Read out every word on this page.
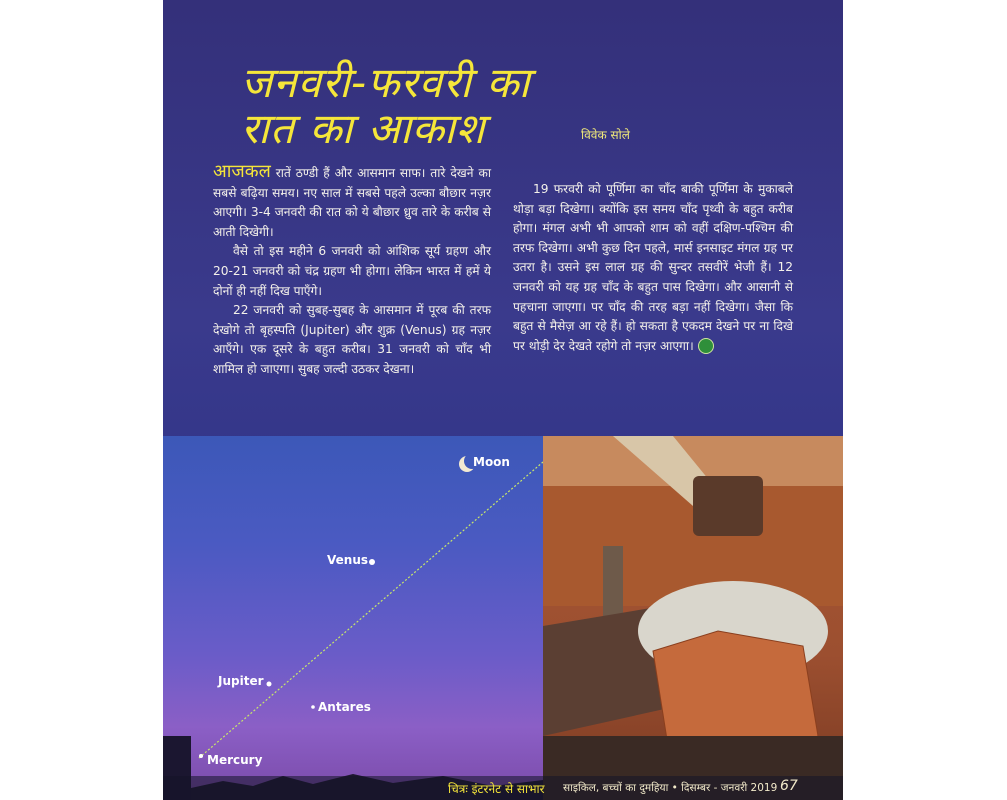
जनवरी-फरवरी का
रात का आकाश	विवेक सोले

आजकल रातें ठण्डी हैं और आसमान साफ। तारे देखने का सबसे बढ़िया समय। नए साल में सबसे पहले उल्का बौछार नज़र आएगी। 3-4 जनवरी की रात को ये बौछार ध्रुव तारे के करीब से आती दिखेगी।

वैसे तो इस महीने 6 जनवरी को आंशिक सूर्य ग्रहण और 20-21 जनवरी को चंद्र ग्रहण भी होगा। लेकिन भारत में हमें ये दोनों ही नहीं दिख पाएँगे।

22 जनवरी को सुबह-सुबह के आसमान में पूरब की तरफ देखोगे तो बृहस्पति (Jupiter) और शुक्र (Venus) ग्रह नज़र आएँगे। एक दूसरे के बहुत करीब। 31 जनवरी को चाँद भी शामिल हो जाएगा। सुबह जल्दी उठकर देखना।

19 फरवरी को पूर्णिमा का चाँद बाकी पूर्णिमा के मुकाबले थोड़ा बड़ा दिखेगा। क्योंकि इस समय चाँद पृथ्वी के बहुत करीब होगा। मंगल अभी भी आपको शाम को वहीं दक्षिण-पश्चिम की तरफ दिखेगा। अभी कुछ दिन पहले, मार्स इनसाइट मंगल ग्रह पर उतरा है। उसने इस लाल ग्रह की सुन्दर तसवीरें भेजी हैं। 12 जनवरी को यह ग्रह चाँद के बहुत पास दिखेगा। और आसानी से पहचाना जाएगा। पर चाँद की तरह बड़ा नहीं दिखेगा। जैसा कि बहुत से मैसेज़ आ रहे हैं। हो सकता है एकदम देखने पर ना दिखे पर थोड़ी देर देखते रहोगे तो नज़र आएगा।

Moon
Venus
Jupiter
Antares
Mercury
चित्रः इंटरनेट से साभार साइकिल, बच्चों का दुमहिया • दिसम्बर - जनवरी 2019 67
